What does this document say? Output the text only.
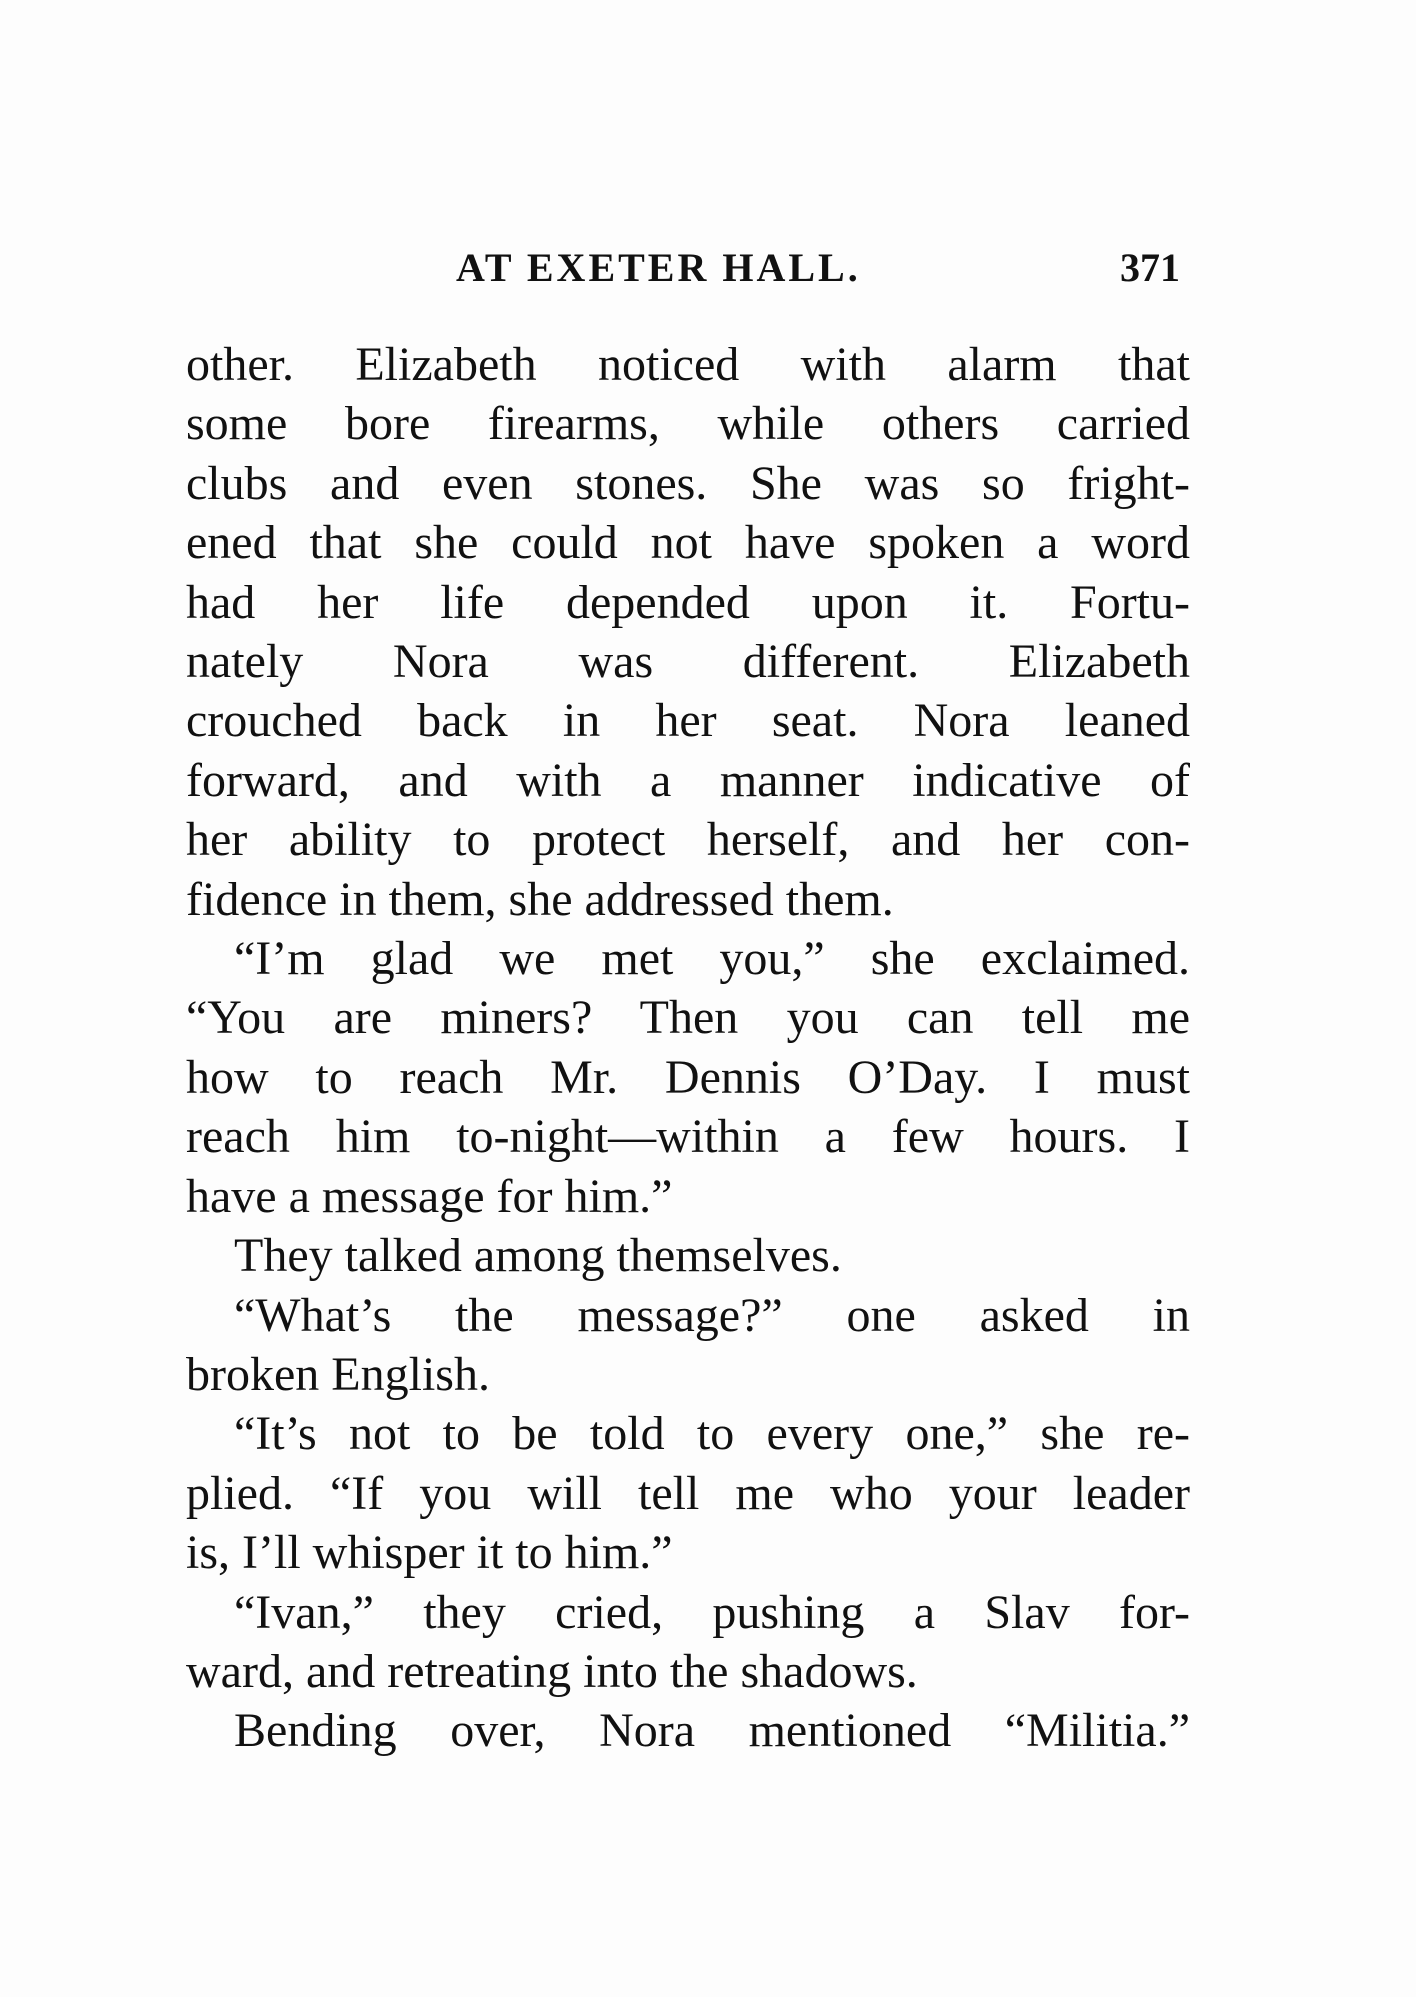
AT EXETER HALL.	371
other. Elizabeth noticed with alarm that
some bore firearms, while others carried
clubs and even stones. She was so fright-
ened that she could not have spoken a word
had her life depended upon it. Fortu-
nately Nora was different. Elizabeth
crouched back in her seat. Nora leaned
forward, and with a manner indicative of
her ability to protect herself, and her con-
fidence in them, she addressed them.
“I’m glad we met you,” she exclaimed.
“You are miners? Then you can tell me
how to reach Mr. Dennis O’Day. I must
reach him to-night—within a few hours. I
have a message for him.”
They talked among themselves.
“What’s the message?” one asked in
broken English.
“It’s not to be told to every one,” she re-
plied. “If you will tell me who your leader
is, I’ll whisper it to him.”
“Ivan,” they cried, pushing a Slav for-
ward, and retreating into the shadows.
Bending over, Nora mentioned “Militia.”
